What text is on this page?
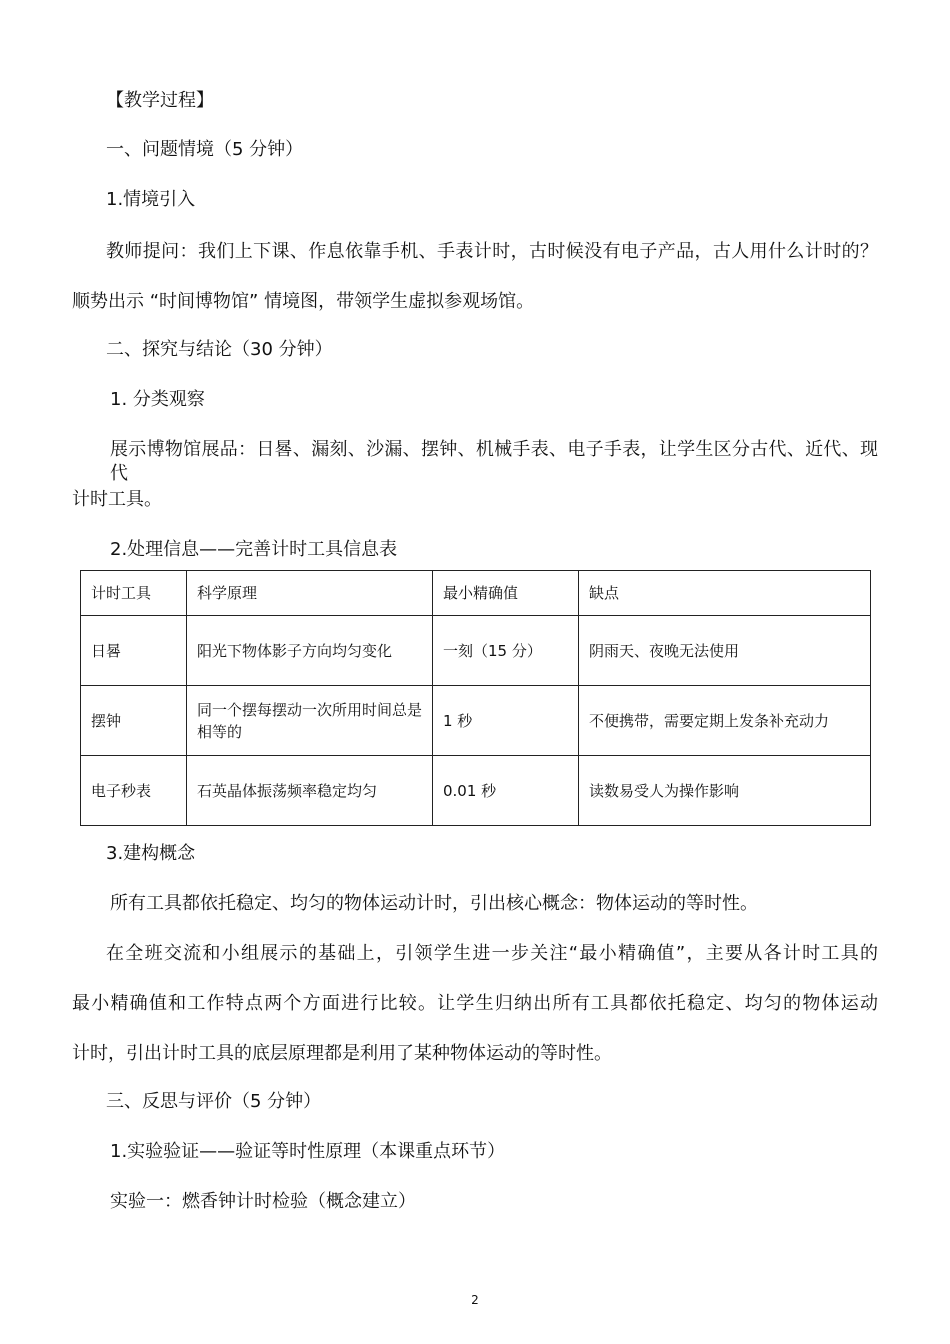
【教学过程】
一、问题情境（5 分钟）
1.情境引入
教师提问：我们上下课、作息依靠手机、手表计时，古时候没有电子产品，古人用什么计时的？
顺势出示 “时间博物馆” 情境图，带领学生虚拟参观场馆。
二、探究与结论（30 分钟）
1. 分类观察
展示博物馆展品：日晷、漏刻、沙漏、摆钟、机械手表、电子手表，让学生区分古代、近代、现代
计时工具。
2.处理信息——完善计时工具信息表
计时工具	科学原理	最小精确值	缺点
日晷	阳光下物体影子方向均匀变化	一刻（15 分）	阴雨天、夜晚无法使用
摆钟	同一个摆每摆动一次所用时间总是相等的	1 秒	不便携带，需要定期上发条补充动力
电子秒表	石英晶体振荡频率稳定均匀	0.01 秒	读数易受人为操作影响
3.建构概念
所有工具都依托稳定、均匀的物体运动计时，引出核心概念：物体运动的等时性。
在全班交流和小组展示的基础上，引领学生进一步关注“最小精确值”，主要从各计时工具的
最小精确值和工作特点两个方面进行比较。让学生归纳出所有工具都依托稳定、均匀的物体运动
计时，引出计时工具的底层原理都是利用了某种物体运动的等时性。
三、反思与评价（5 分钟）
1.实验验证——验证等时性原理（本课重点环节）
实验一：燃香钟计时检验（概念建立）
2
